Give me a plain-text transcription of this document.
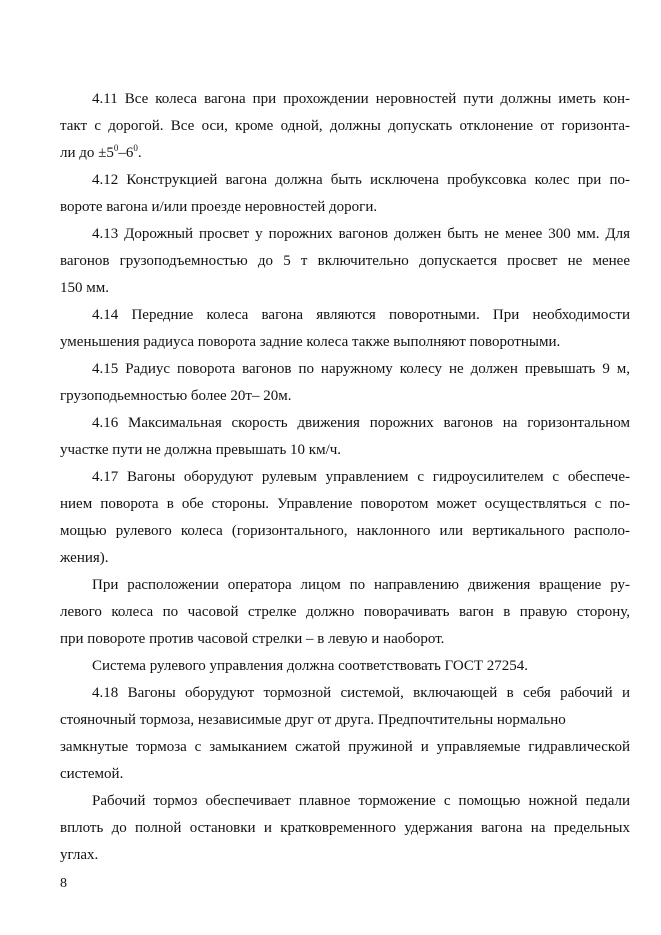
4.11 Все колеса вагона при прохождении неровностей пути должны иметь кон-
такт с дорогой. Все оси, кроме одной, должны допускать отклонение от горизонта-
ли до $\pm 5^0-6^0$.
4.12 Конструкцией вагона должна быть исключена пробуксовка колес при по-
вороте вагона и/или проезде неровностей дороги.
4.13 Дорожный просвет у порожних вагонов должен быть не менее 300 мм. Для
вагонов грузоподъемностью до 5 т включительно допускается просвет не менее
150 мм.
4.14 Передние колеса вагона являются поворотными. При необходимости
уменьшения радиуса поворота задние колеса также выполняют поворотными.
4.15 Радиус поворота вагонов по наружному колесу не должен превышать 9 м,
грузоподьемностью более 20т– 20м.
4.16 Максимальная скорость движения порожних вагонов на горизонтальном
участке пути не должна превышать 10 км/ч.
4.17 Вагоны оборудуют рулевым управлением с гидроусилителем с обеспече-
нием поворота в обе стороны. Управление поворотом может осуществляться с по-
мощью рулевого колеса (горизонтального, наклонного или вертикального располо-
жения).
При расположении оператора лицом по направлению движения вращение ру-
левого колеса по часовой стрелке должно поворачивать вагон в правую сторону,
при повороте против часовой стрелки – в левую и наоборот.
Система рулевого управления должна соответствовать ГОСТ 27254.
4.18 Вагоны оборудуют тормозной системой, включающей в себя рабочий и
стояночный тормоза, независимые друг от друга. Предпочтительны нормально
замкнутые тормоза с замыканием сжатой пружиной и управляемые гидравлической
системой.
Рабочий тормоз обеспечивает плавное торможение с помощью ножной педали
вплоть до полной остановки и кратковременного удержания вагона на предельных
углах.
8
